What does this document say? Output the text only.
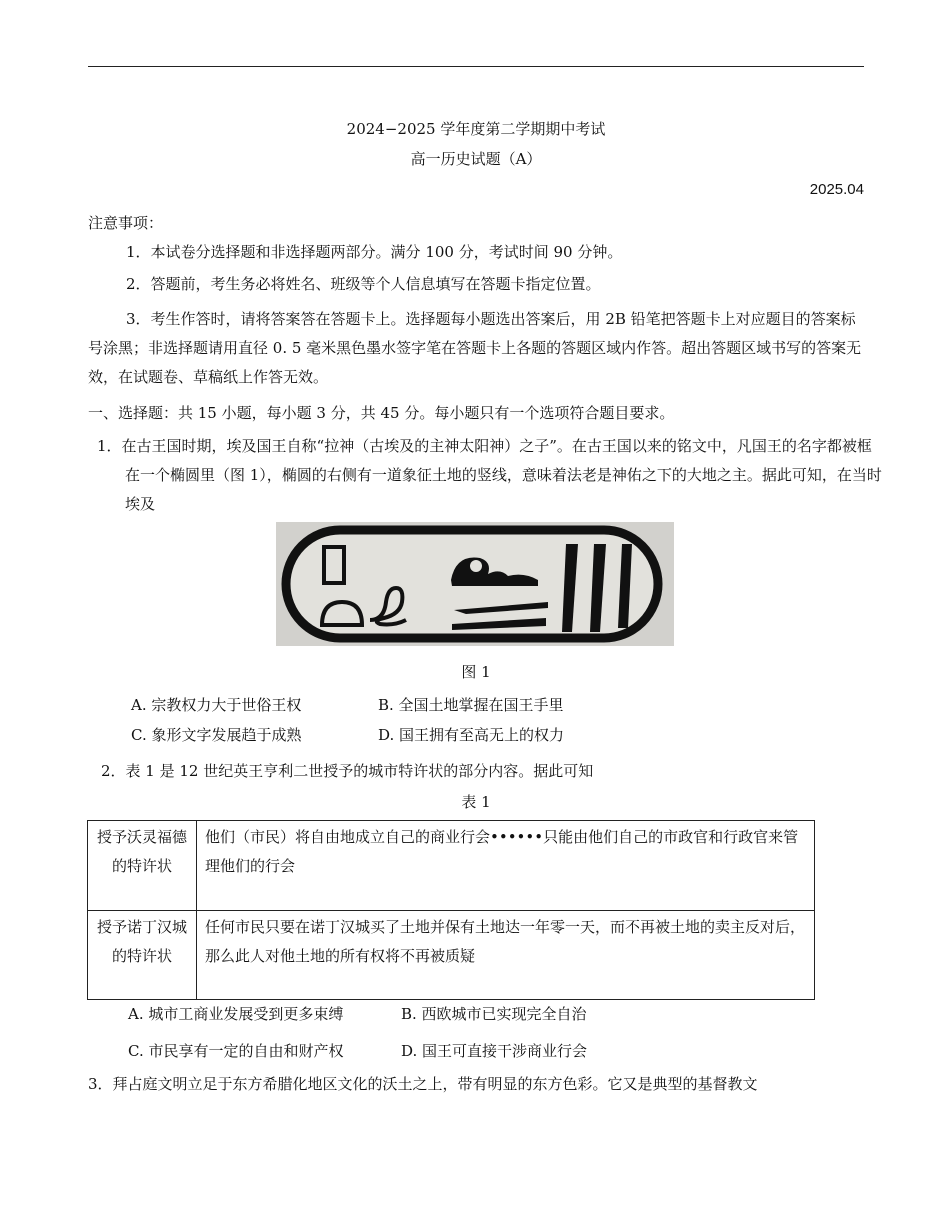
2024−2025 学年度第二学期期中考试
高一历史试题（A）
2025.04
注意事项：
1．本试卷分选择题和非选择题两部分。满分 100 分，考试时间 90 分钟。
2．答题前，考生务必将姓名、班级等个人信息填写在答题卡指定位置。
3．考生作答时，请将答案答在答题卡上。选择题每小题选出答案后，用 2B 铅笔把答题卡上对应题目的答案标号涂黑；非选择题请用直径 0. 5 毫米黑色墨水签字笔在答题卡上各题的答题区域内作答。超出答题区域书写的答案无效，在试题卷、草稿纸上作答无效。
一、选择题：共 15 小题，每小题 3 分，共 45 分。每小题只有一个选项符合题目要求。
1．在古王国时期，埃及国王自称“拉神（古埃及的主神太阳神）之子”。在古王国以来的铭文中，凡国王的名字都被框在一个椭圆里（图 1），椭圆的右侧有一道象征土地的竖线，意味着法老是神佑之下的大地之主。据此可知，在当时埃及
图 1
A. 宗教权力大于世俗王权	B. 全国土地掌握在国王手里
C. 象形文字发展趋于成熟	D. 国王拥有至高无上的权力
2．表 1 是 12 世纪英王亨利二世授予的城市特许状的部分内容。据此可知
表 1
授予沃灵福德的特许状	他们（市民）将自由地成立自己的商业行会••••••只能由他们自己的市政官和行政官来管理他们的行会
授予诺丁汉城的特许状	任何市民只要在诺丁汉城买了土地并保有土地达一年零一天，而不再被土地的卖主反对后，那么此人对他土地的所有权将不再被质疑
A. 城市工商业发展受到更多束缚	B. 西欧城市已实现完全自治
C. 市民享有一定的自由和财产权	D. 国王可直接干涉商业行会
3．拜占庭文明立足于东方希腊化地区文化的沃土之上，带有明显的东方色彩。它又是典型的基督教文
